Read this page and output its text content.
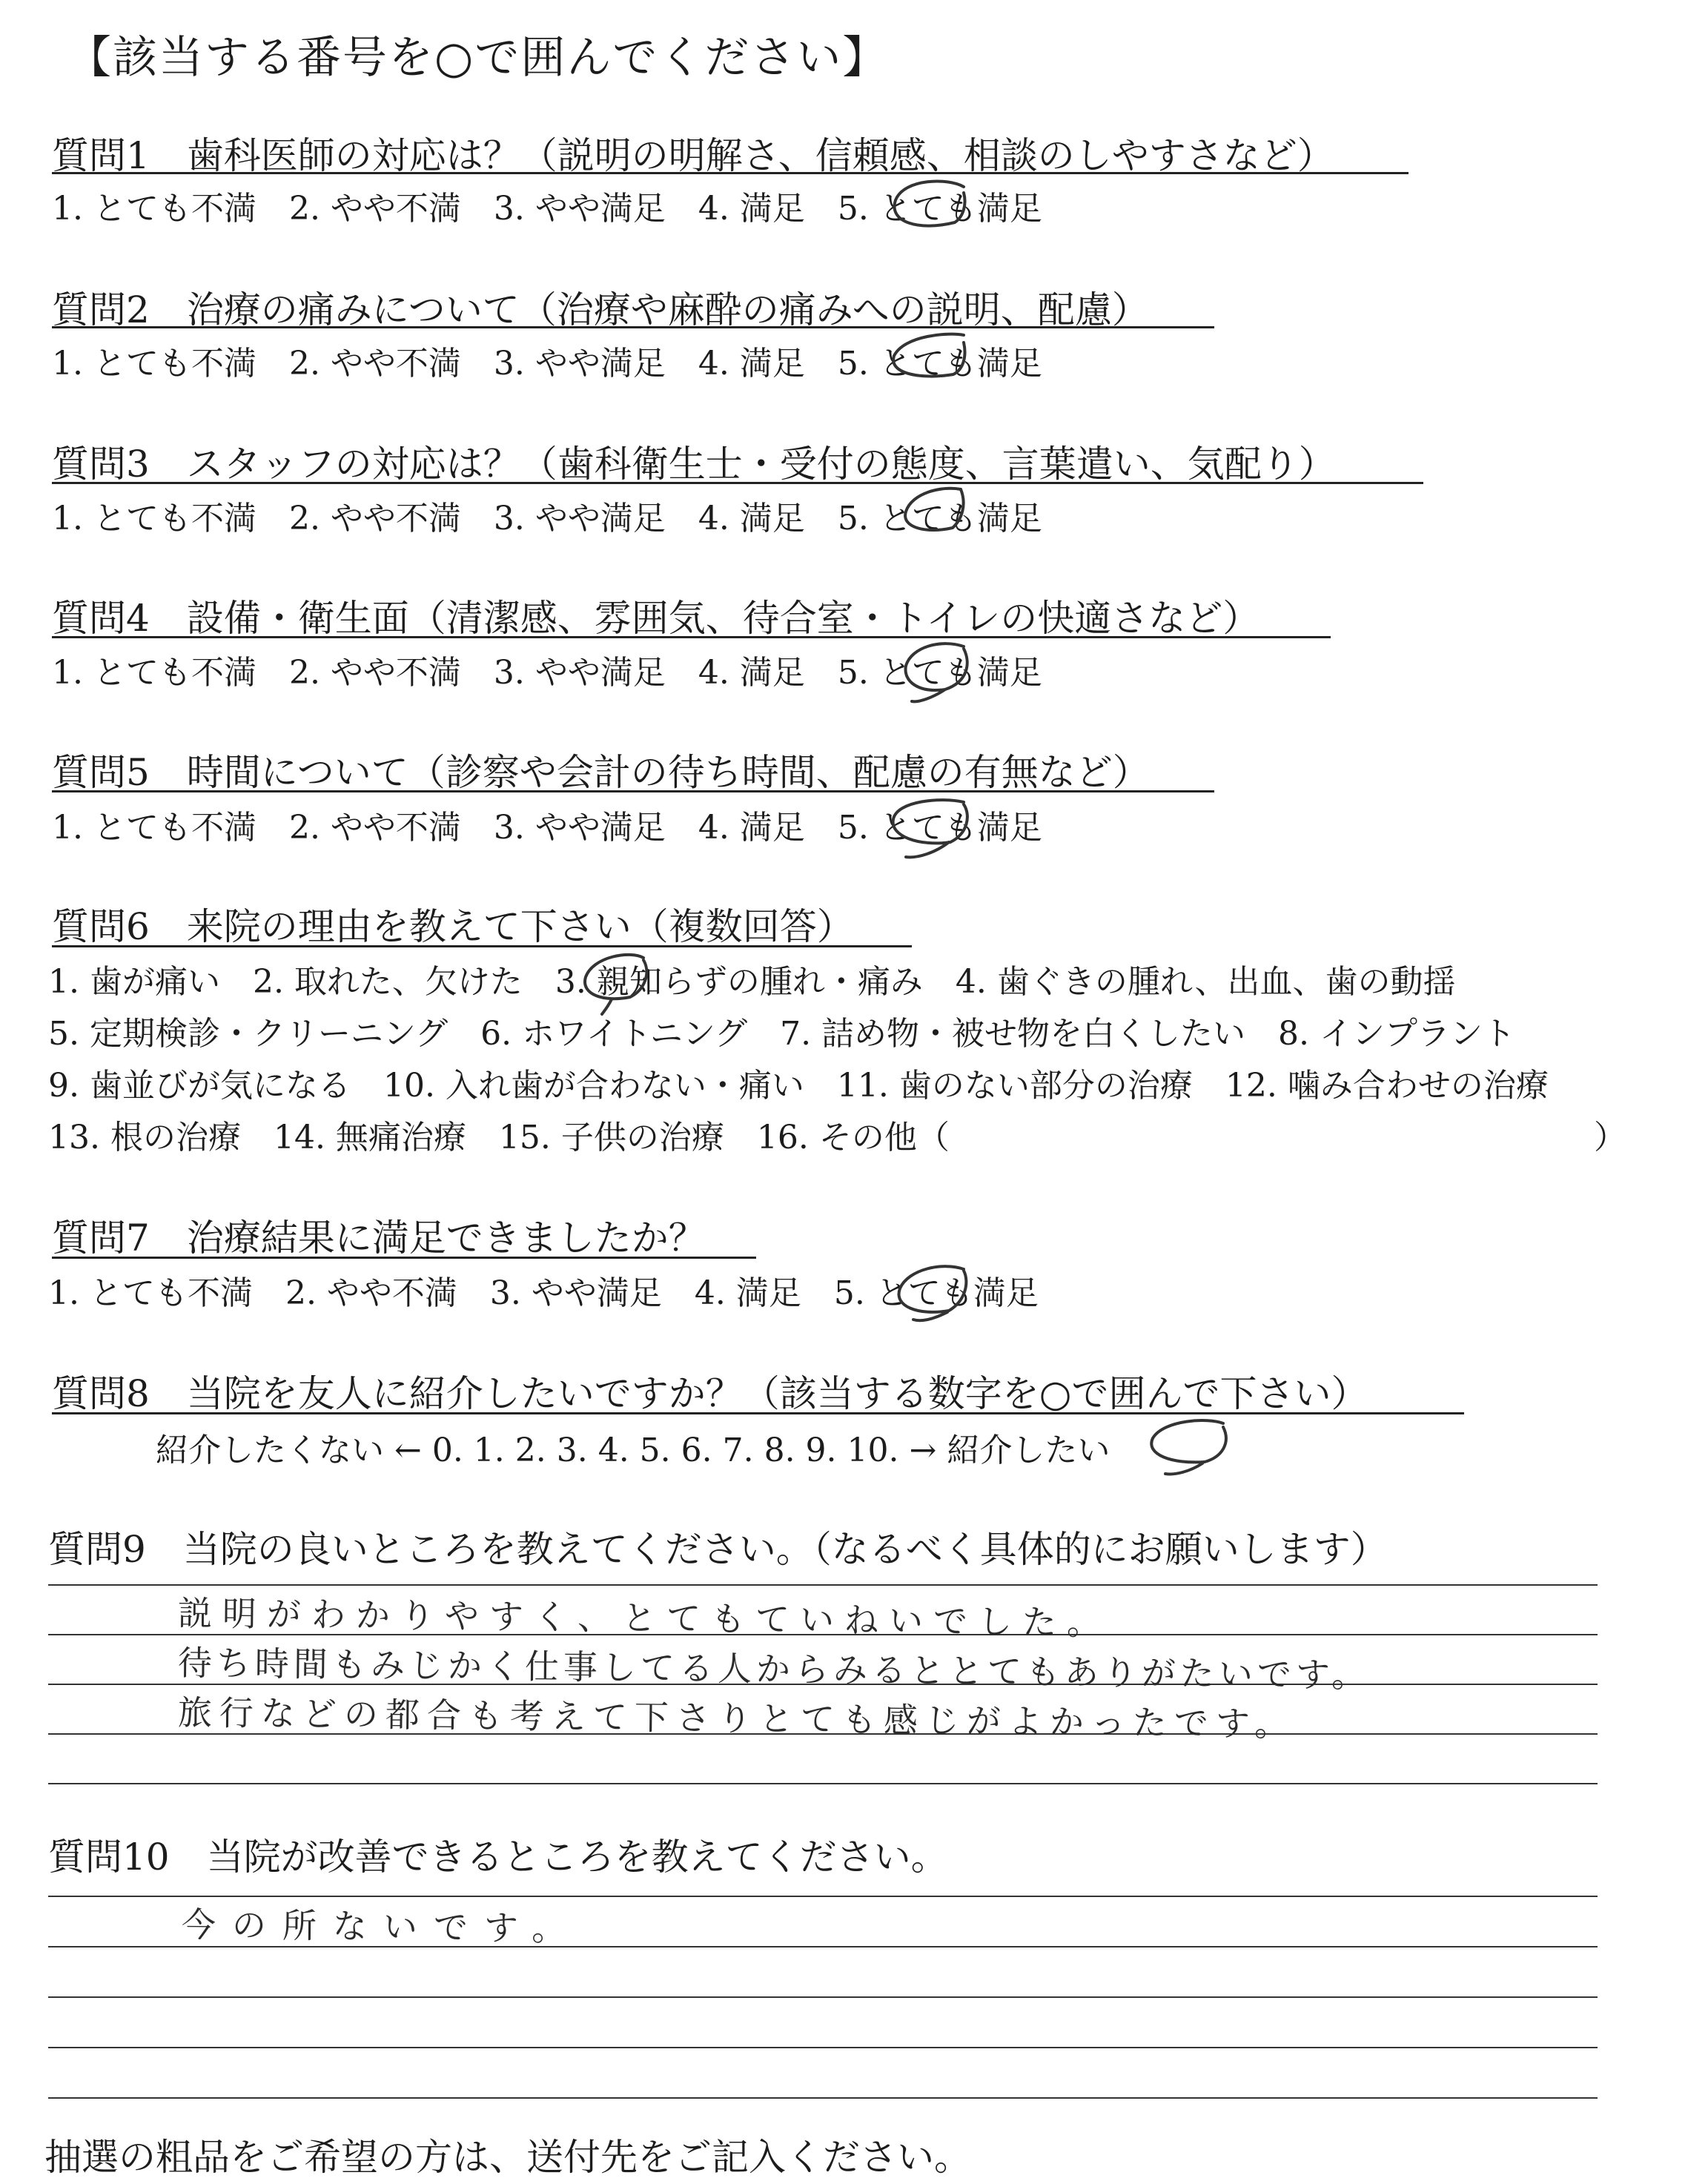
【該当する番号を○で囲んでください】
質問1　歯科医師の対応は？（説明の明解さ、信頼感、相談のしやすさなど）
1. とても不満　2. やや不満　3. やや満足　4. 満足　5. とても満足
質問2　治療の痛みについて（治療や麻酔の痛みへの説明、配慮）
1. とても不満　2. やや不満　3. やや満足　4. 満足　5. とても満足
質問3　スタッフの対応は？（歯科衛生士・受付の態度、言葉遣い、気配り）
1. とても不満　2. やや不満　3. やや満足　4. 満足　5. とても満足
質問4　設備・衛生面（清潔感、雰囲気、待合室・トイレの快適さなど）
1. とても不満　2. やや不満　3. やや満足　4. 満足　5. とても満足
質問5　時間について（診察や会計の待ち時間、配慮の有無など）
1. とても不満　2. やや不満　3. やや満足　4. 満足　5. とても満足
質問6　来院の理由を教えて下さい（複数回答）
1. 歯が痛い　2. 取れた、欠けた　3. 親知らずの腫れ・痛み　4. 歯ぐきの腫れ、出血、歯の動揺
5. 定期検診・クリーニング　6. ホワイトニング　7. 詰め物・被せ物を白くしたい　8. インプラント
9. 歯並びが気になる　10. 入れ歯が合わない・痛い　11. 歯のない部分の治療　12. 噛み合わせの治療
13. 根の治療　14. 無痛治療　15. 子供の治療　16. その他（	）
質問7　治療結果に満足できましたか？
1. とても不満　2. やや不満　3. やや満足　4. 満足　5. とても満足
質問8　当院を友人に紹介したいですか？（該当する数字を○で囲んで下さい）
紹介したくない ← 0. 1. 2. 3. 4. 5. 6. 7. 8. 9. 10. → 紹介したい
質問9　当院の良いところを教えてください。（なるべく具体的にお願いします）
説明がわかりやすく、とてもていねいでした。
待ち時間もみじかく仕事してる人からみるととてもありがたいです。
旅行などの都合も考えて下さりとても感じがよかったです。
質問10　当院が改善できるところを教えてください。
今の所ないです。
抽選の粗品をご希望の方は、送付先をご記入ください。
